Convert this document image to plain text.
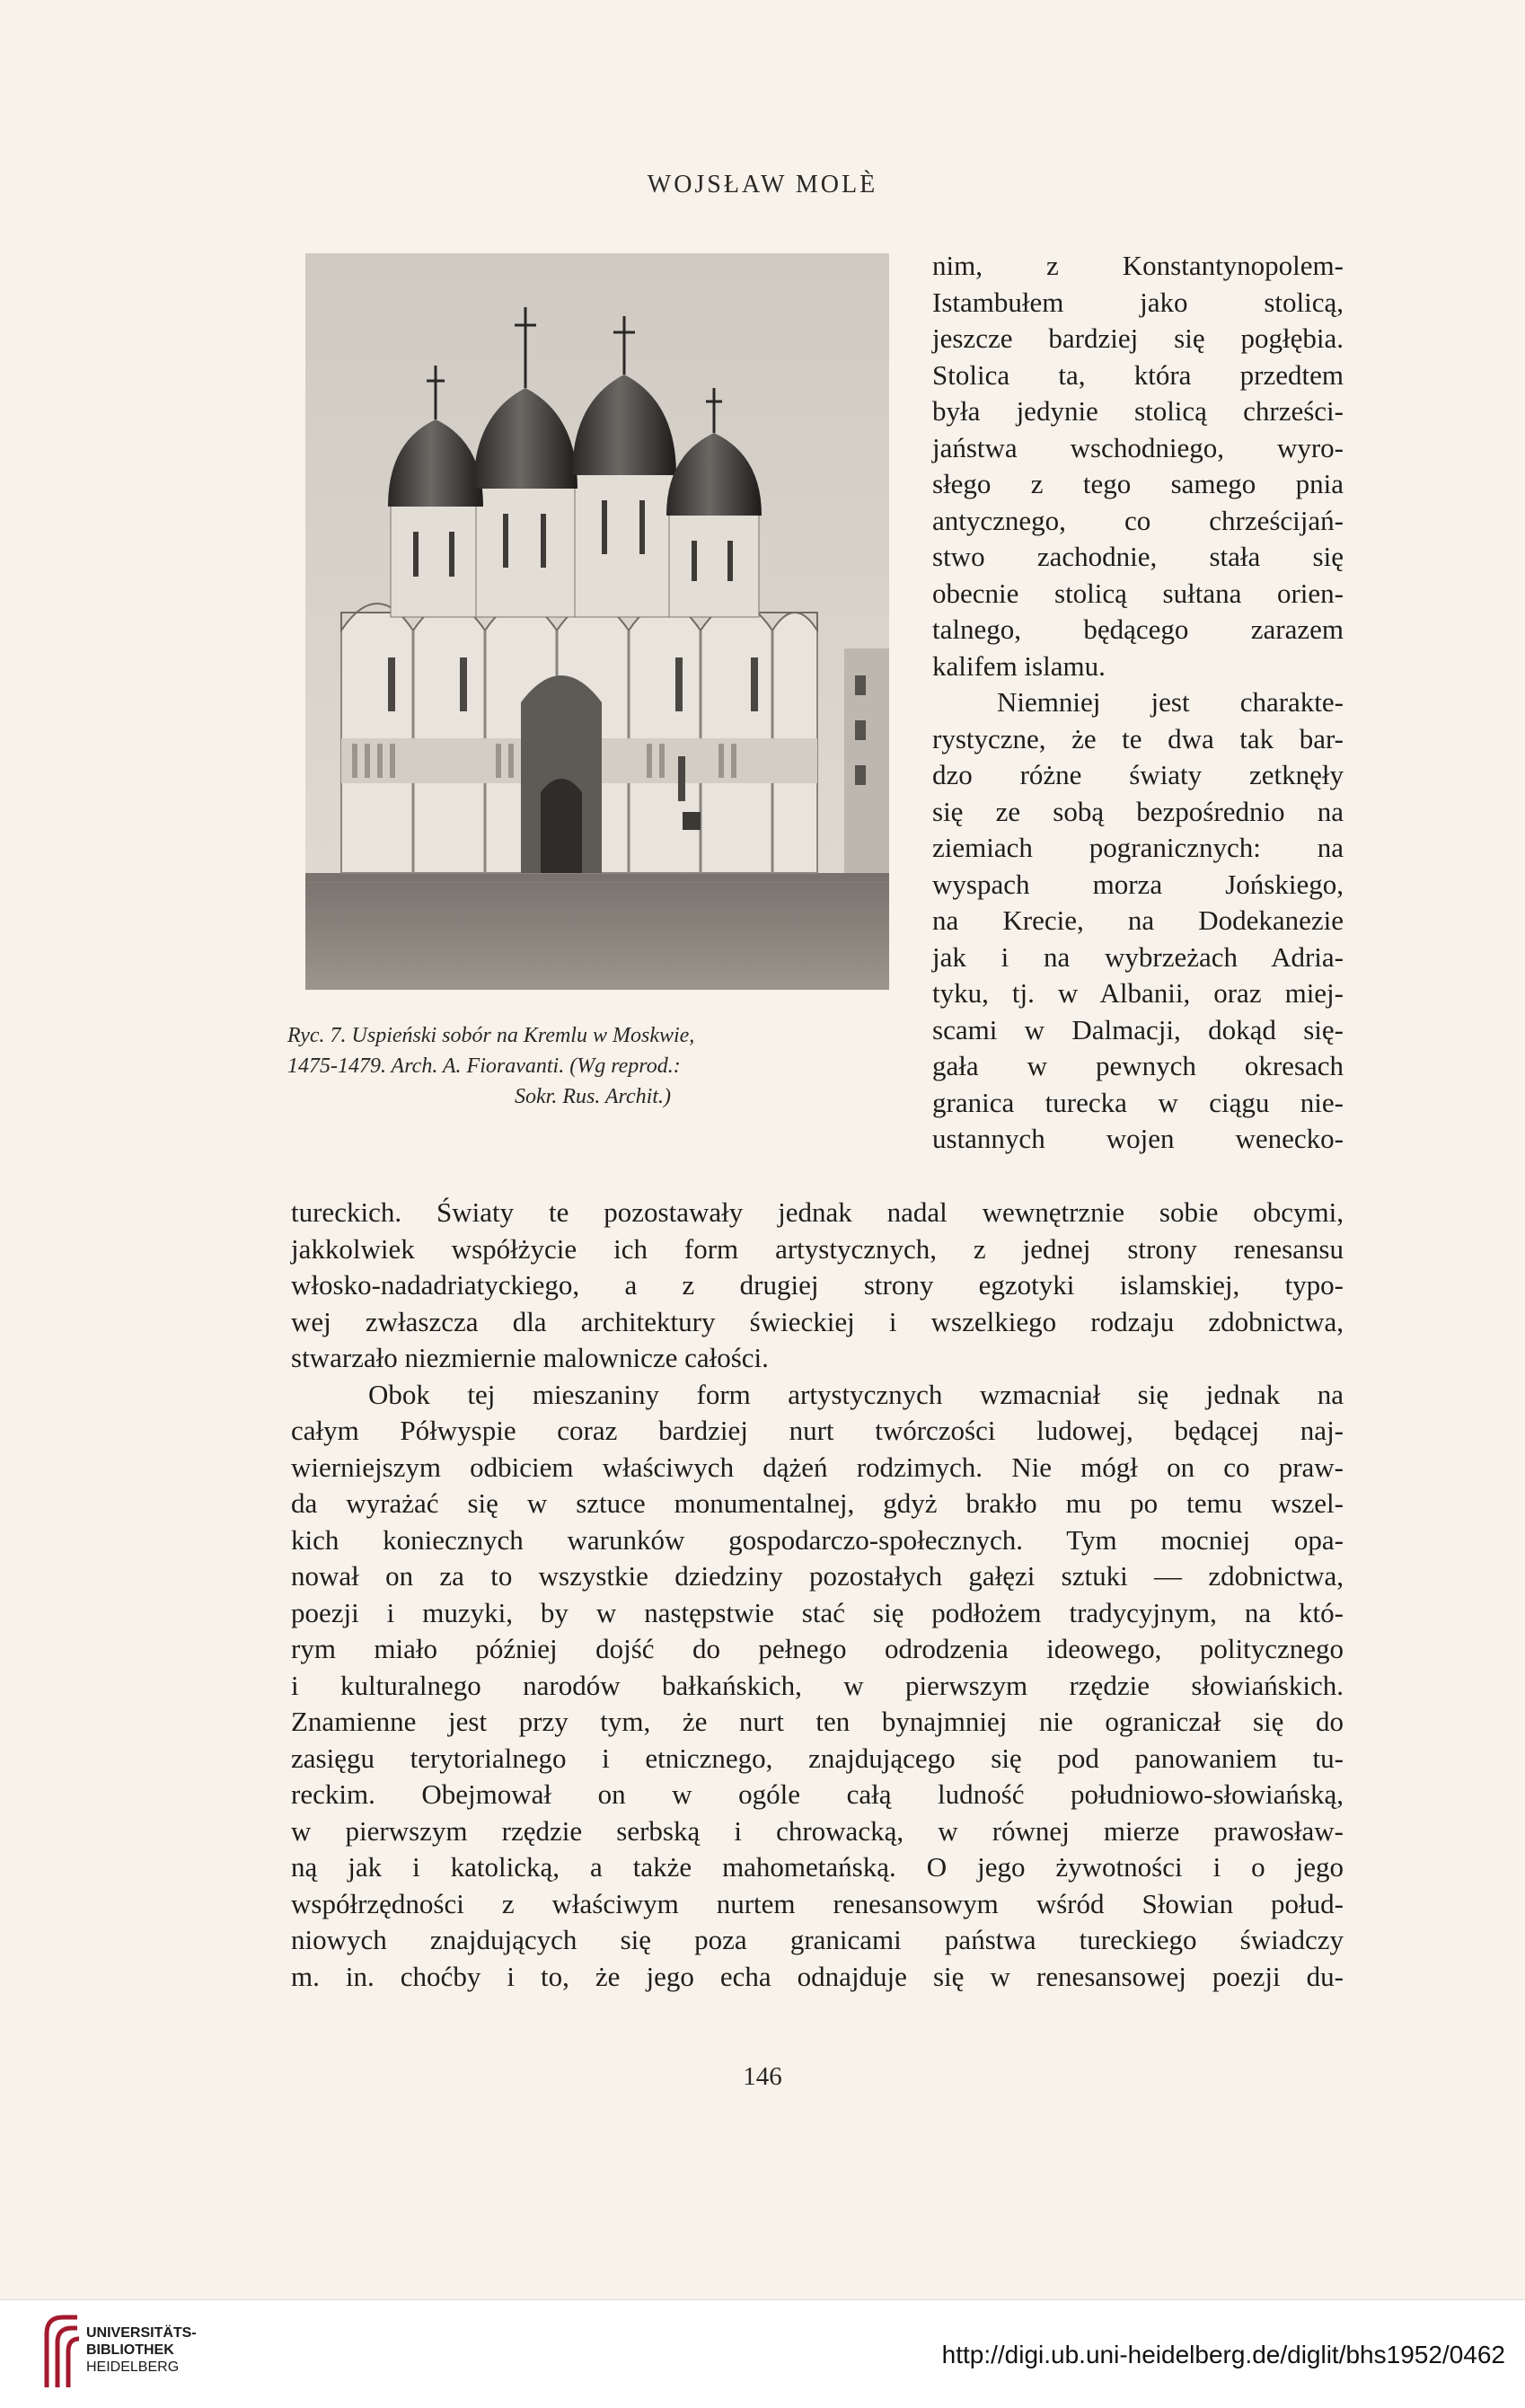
WOJSŁAW MOLÈ
Ryc. 7. Uspieński sobór na Kremlu w Moskwie,
1475-1479. Arch. A. Fioravanti. (Wg reprod.:
Sokr. Rus. Archit.)
nim, z Konstantynopolem-
Istambułem jako stolicą,
jeszcze bardziej się pogłębia.
Stolica ta, która przedtem
była jedynie stolicą chrześci-
jaństwa wschodniego, wyro-
słego z tego samego pnia
antycznego, co chrześcijań-
stwo zachodnie, stała się
obecnie stolicą sułtana orien-
talnego, będącego zarazem
kalifem islamu.
Niemniej jest charakte-
rystyczne, że te dwa tak bar-
dzo różne światy zetknęły
się ze sobą bezpośrednio na
ziemiach pogranicznych: na
wyspach morza Jońskiego,
na Krecie, na Dodekanezie
jak i na wybrzeżach Adria-
tyku, tj. w Albanii, oraz miej-
scami w Dalmacji, dokąd się-
gała w pewnych okresach
granica turecka w ciągu nie-
ustannych wojen wenecko-
tureckich. Światy te pozostawały jednak nadal wewnętrznie sobie obcymi,
jakkolwiek współżycie ich form artystycznych, z jednej strony renesansu
włosko-nadadriatyckiego, a z drugiej strony egzotyki islamskiej, typo-
wej zwłaszcza dla architektury świeckiej i wszelkiego rodzaju zdobnictwa,
stwarzało niezmiernie malownicze całości.
Obok tej mieszaniny form artystycznych wzmacniał się jednak na
całym Półwyspie coraz bardziej nurt twórczości ludowej, będącej naj-
wierniejszym odbiciem właściwych dążeń rodzimych. Nie mógł on co praw-
da wyrażać się w sztuce monumentalnej, gdyż brakło mu po temu wszel-
kich koniecznych warunków gospodarczo-społecznych. Tym mocniej opa-
nował on za to wszystkie dziedziny pozostałych gałęzi sztuki — zdobnictwa,
poezji i muzyki, by w następstwie stać się podłożem tradycyjnym, na któ-
rym miało później dojść do pełnego odrodzenia ideowego, politycznego
i kulturalnego narodów bałkańskich, w pierwszym rzędzie słowiańskich.
Znamienne jest przy tym, że nurt ten bynajmniej nie ograniczał się do
zasięgu terytorialnego i etnicznego, znajdującego się pod panowaniem tu-
reckim. Obejmował on w ogóle całą ludność południowo-słowiańską,
w pierwszym rzędzie serbską i chrowacką, w równej mierze prawosław-
ną jak i katolicką, a także mahometańską. O jego żywotności i o jego
współrzędności z właściwym nurtem renesansowym wśród Słowian połud-
niowych znajdujących się poza granicami państwa tureckiego świadczy
m. in. choćby i to, że jego echa odnajduje się w renesansowej poezji du-
146
UNIVERSITÄTS-
BIBLIOTHEK
HEIDELBERG	http://digi.ub.uni-heidelberg.de/diglit/bhs1952/0462
